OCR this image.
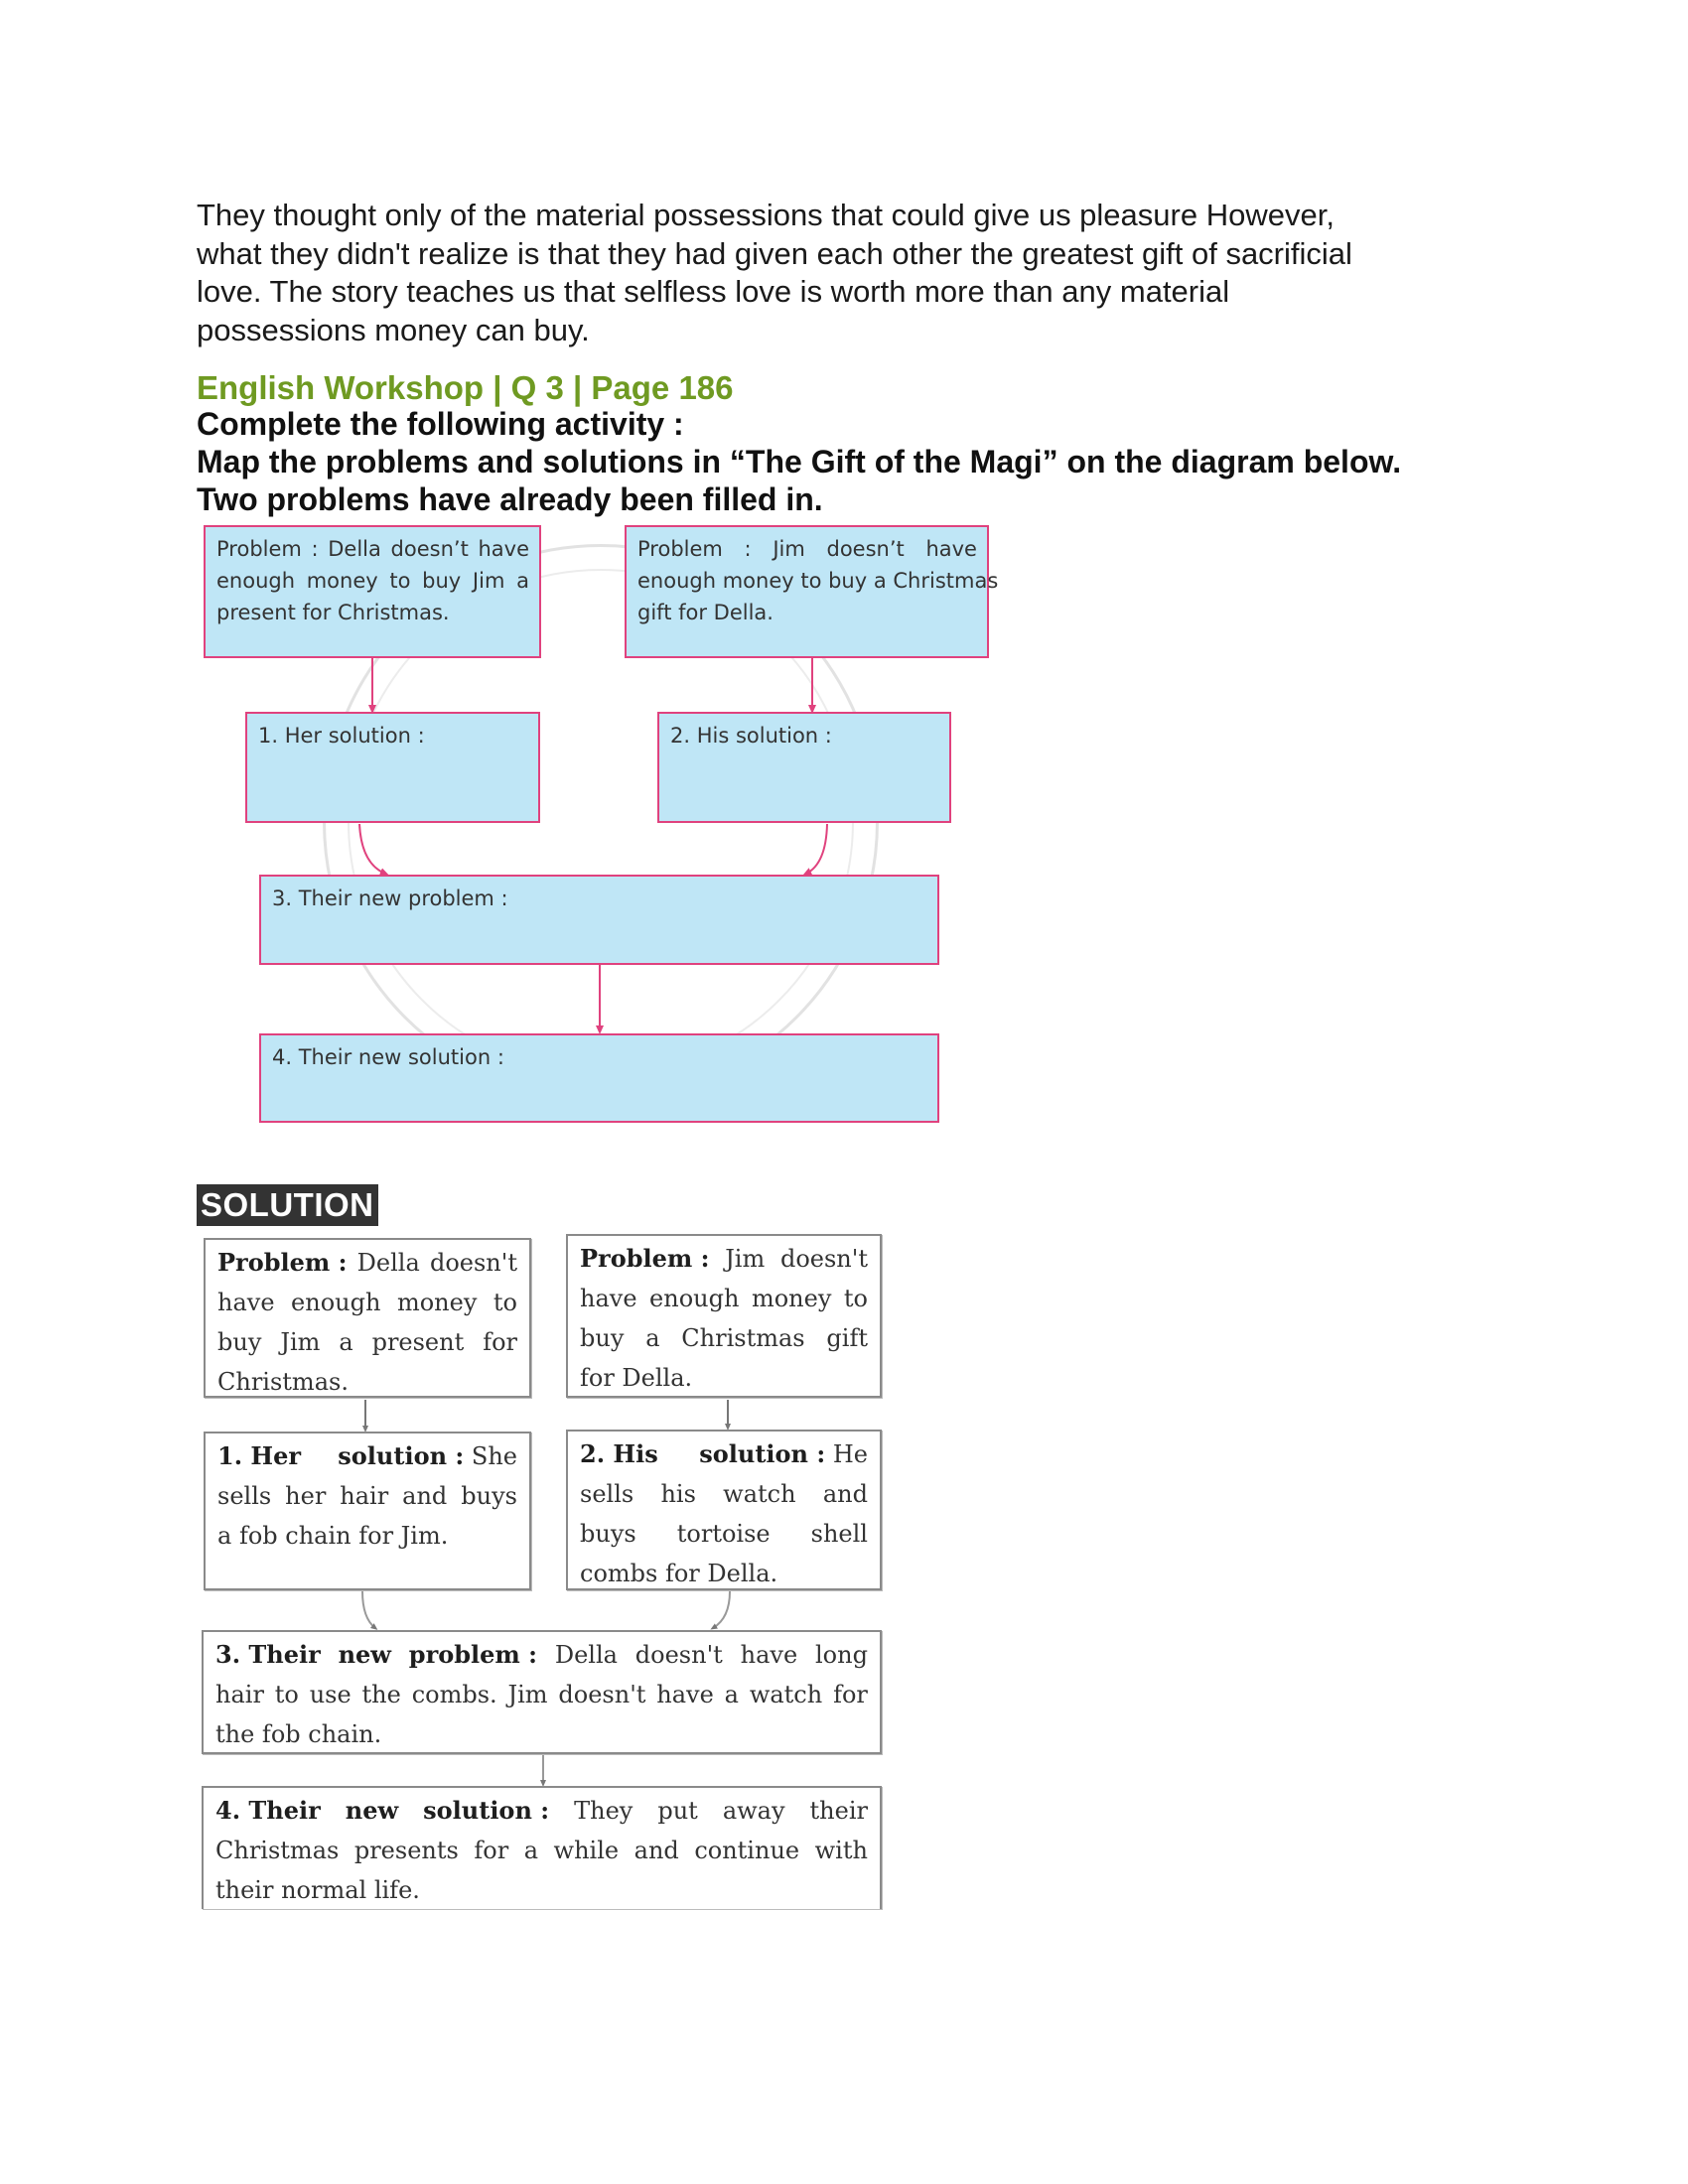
They thought only of the material possessions that could give us pleasure However,
what they didn't realize is that they had given each other the greatest gift of sacrificial
love. The story teaches us that selfless love is worth more than any material
possessions money can buy.
English Workshop | Q 3 | Page 186
Complete the following activity :
Map the problems and solutions in “The Gift of the Magi” on the diagram below.
Two problems have already been filled in.
Problem : Della doesn’t have
enough money to buy Jim a
present for Christmas.
Problem : Jim doesn’t have
enough money to buy a Christmas
gift for Della.
1. Her solution :	2. His solution :
3. Their new problem :
4. Their new solution :
SOLUTION
Problem : Della doesn't
have enough money to
buy Jim a present for
Christmas.
Problem : Jim doesn't
have enough money to
buy a Christmas gift
for Della.
1. Her solution : She
sells her hair and buys
a fob chain for Jim.
2. His solution : He
sells his watch and
buys tortoise shell
combs for Della.
3. Their new problem : Della doesn't have long
hair to use the combs. Jim doesn't have a watch for
the fob chain.
4. Their new solution : They put away their
Christmas presents for a while and continue with
their normal life.
